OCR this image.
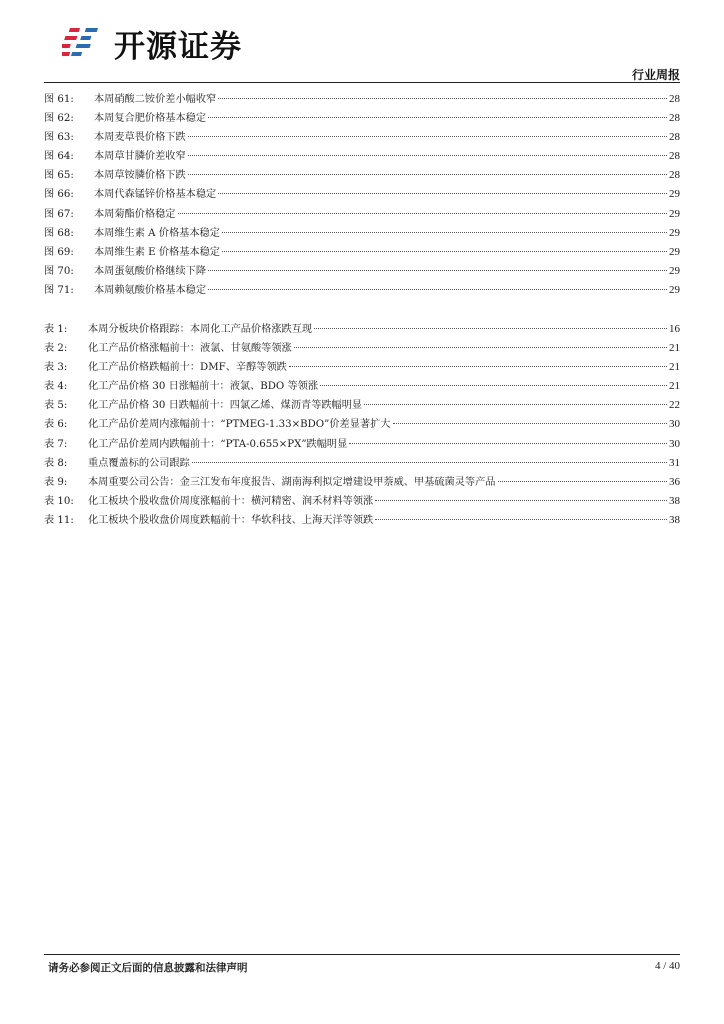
开源证券
行业周报
图 61:	本周硝酸二铵价差小幅收窄	28
图 62:	本周复合肥价格基本稳定	28
图 63:	本周麦草畏价格下跌	28
图 64:	本周草甘膦价差收窄	28
图 65:	本周草铵膦价格下跌	28
图 66:	本周代森锰锌价格基本稳定	29
图 67:	本周菊酯价格稳定	29
图 68:	本周维生素 A 价格基本稳定	29
图 69:	本周维生素 E 价格基本稳定	29
图 70:	本周蛋氨酸价格继续下降	29
图 71:	本周赖氨酸价格基本稳定	29
表 1:	本周分板块价格跟踪：本周化工产品价格涨跌互现	16
表 2:	化工产品价格涨幅前十：液氯、甘氨酸等领涨	21
表 3:	化工产品价格跌幅前十：DMF、辛醇等领跌	21
表 4:	化工产品价格 30 日涨幅前十：液氯、BDO 等领涨	21
表 5:	化工产品价格 30 日跌幅前十：四氯乙烯、煤沥青等跌幅明显	22
表 6:	化工产品价差周内涨幅前十：“PTMEG-1.33×BDO”价差显著扩大	30
表 7:	化工产品价差周内跌幅前十：“PTA-0.655×PX”跌幅明显	30
表 8:	重点覆盖标的公司跟踪	31
表 9:	本周重要公司公告：金三江发布年度报告、湖南海利拟定增建设甲萘威、甲基硫菌灵等产品	36
表 10:	化工板块个股收盘价周度涨幅前十：横河精密、润禾材料等领涨	38
表 11:	化工板块个股收盘价周度跌幅前十：华软科技、上海天洋等领跌	38
请务必参阅正文后面的信息披露和法律声明	4 / 40
